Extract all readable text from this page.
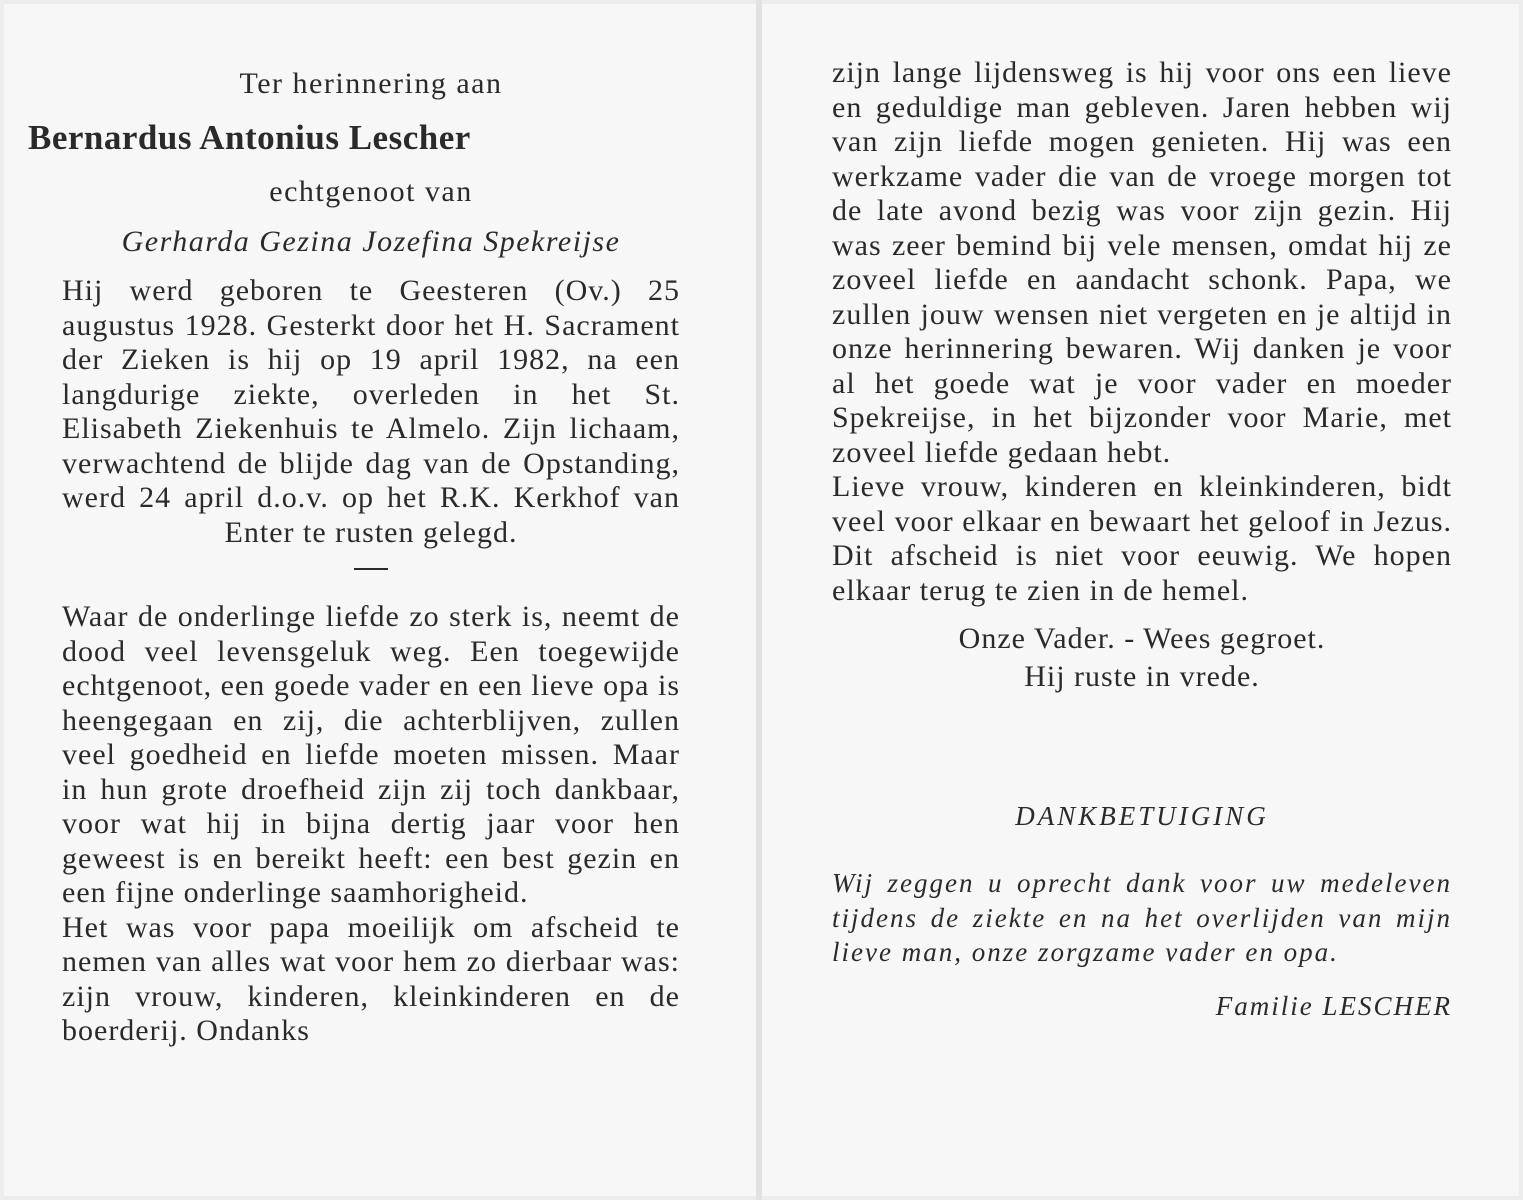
Ter herinnering aan

Bernardus Antonius Lescher

echtgenoot van

Gerharda Gezina Jozefina Spekreijse

Hij werd geboren te Geesteren (Ov.) 25 augustus 1928. Gesterkt door het H. Sacrament der Zieken is hij op 19 april 1982, na een langdurige ziekte, overleden in het St. Elisabeth Ziekenhuis te Almelo. Zijn lichaam, verwachtend de blijde dag van de Opstanding, werd 24 april d.o.v. op het R.K. Kerkhof van Enter te rusten gelegd.

Waar de onderlinge liefde zo sterk is, neemt de dood veel levensgeluk weg. Een toegewijde echtgenoot, een goede vader en een lieve opa is heengegaan en zij, die achterblijven, zullen veel goedheid en liefde moeten missen. Maar in hun grote droefheid zijn zij toch dankbaar, voor wat hij in bijna dertig jaar voor hen geweest is en bereikt heeft: een best gezin en een fijne onderlinge saamhorigheid.

Het was voor papa moeilijk om afscheid te nemen van alles wat voor hem zo dierbaar was: zijn vrouw, kinderen, kleinkinderen en de boerderij. Ondanks

zijn lange lijdensweg is hij voor ons een lieve en geduldige man gebleven. Jaren hebben wij van zijn liefde mogen genieten. Hij was een werkzame vader die van de vroege morgen tot de late avond bezig was voor zijn gezin. Hij was zeer bemind bij vele mensen, omdat hij ze zoveel liefde en aandacht schonk. Papa, we zullen jouw wensen niet vergeten en je altijd in onze herinnering bewaren. Wij danken je voor al het goede wat je voor vader en moeder Spekreijse, in het bijzonder voor Marie, met zoveel liefde gedaan hebt.

Lieve vrouw, kinderen en kleinkinderen, bidt veel voor elkaar en bewaart het geloof in Jezus. Dit afscheid is niet voor eeuwig. We hopen elkaar terug te zien in de hemel.

Onze Vader. - Wees gegroet.

Hij ruste in vrede.

DANKBETUIGING

Wij zeggen u oprecht dank voor uw medeleven tijdens de ziekte en na het overlijden van mijn lieve man, onze zorgzame vader en opa.

Familie LESCHER
